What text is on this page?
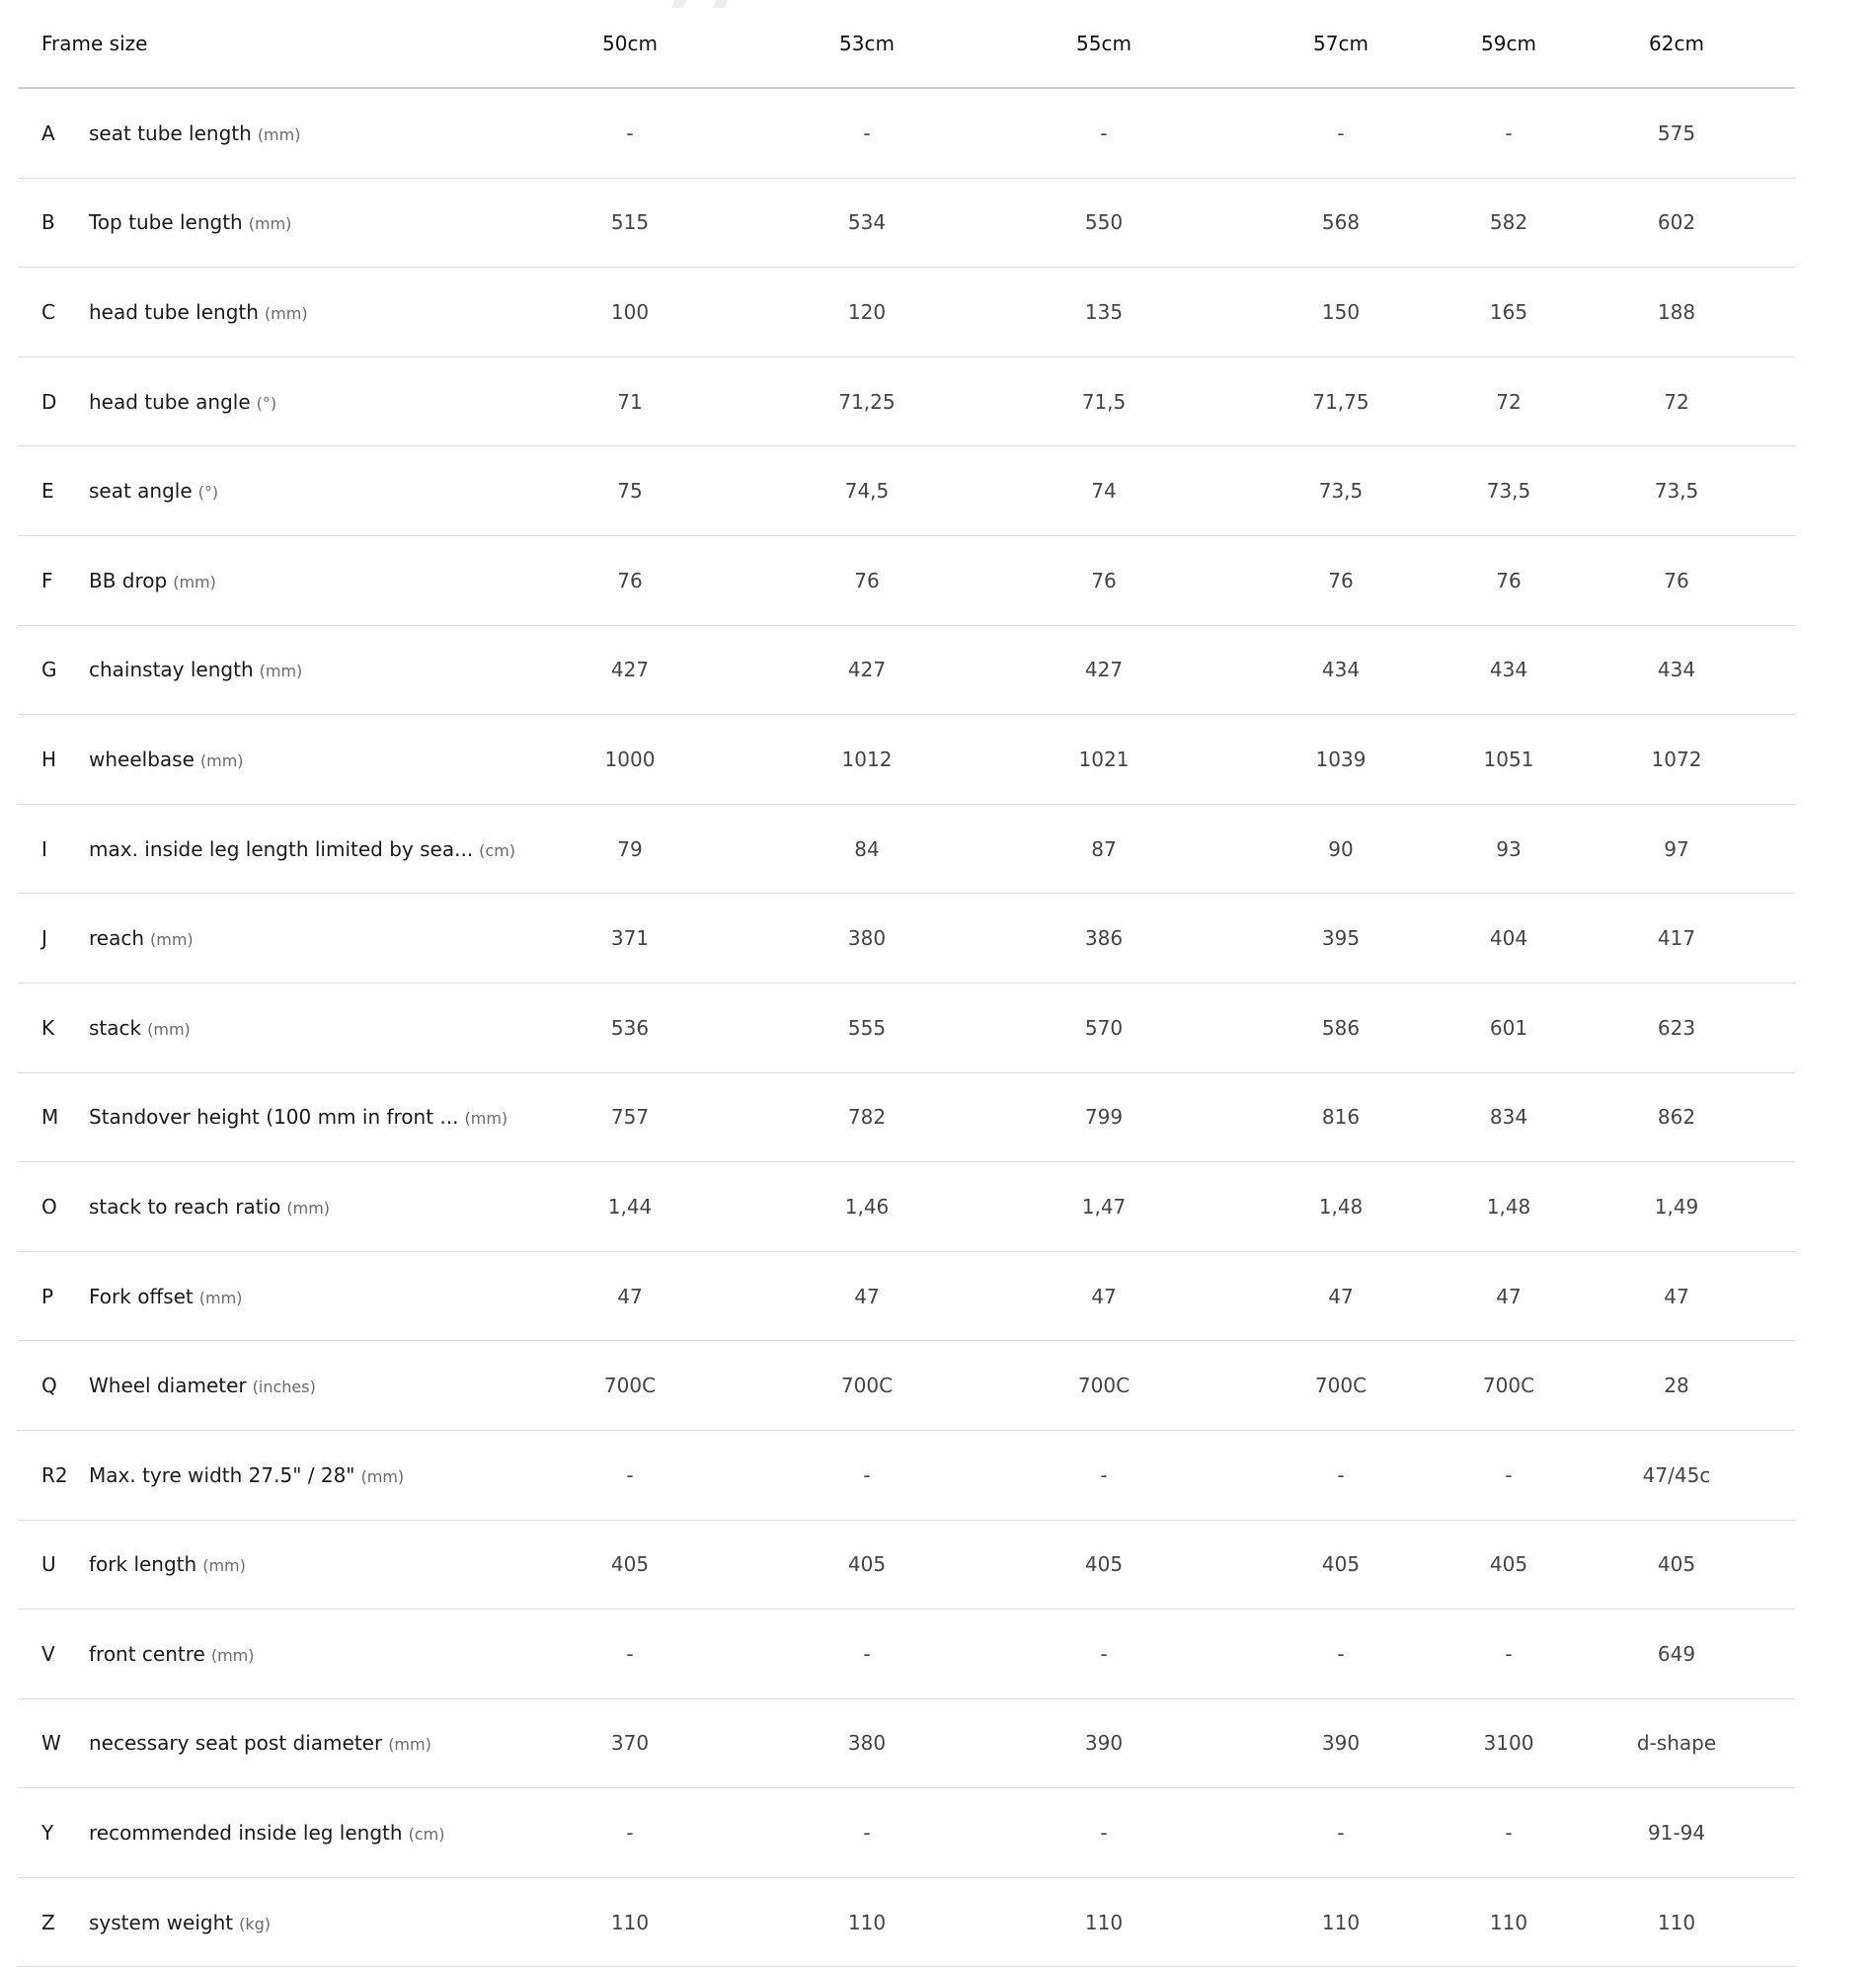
Frame size	50cm	53cm	55cm	57cm	59cm	62cm
A seat tube length (mm)	-	-	-	-	-	575
B Top tube length (mm)	515	534	550	568	582	602
C head tube length (mm)	100	120	135	150	165	188
D head tube angle (°)	71	71,25	71,5	71,75	72	72
E seat angle (°)	75	74,5	74	73,5	73,5	73,5
F BB drop (mm)	76	76	76	76	76	76
G chainstay length (mm)	427	427	427	434	434	434
H wheelbase (mm)	1000	1012	1021	1039	1051	1072
I max. inside leg length limited by sea... (cm)	79	84	87	90	93	97
J reach (mm)	371	380	386	395	404	417
K stack (mm)	536	555	570	586	601	623
M Standover height (100 mm in front ... (mm)	757	782	799	816	834	862
O stack to reach ratio (mm)	1,44	1,46	1,47	1,48	1,48	1,49
P Fork offset (mm)	47	47	47	47	47	47
Q Wheel diameter (inches)	700C	700C	700C	700C	700C	28
R2 Max. tyre width 27.5" / 28" (mm)	-	-	-	-	-	47/45c
U fork length (mm)	405	405	405	405	405	405
V front centre (mm)	-	-	-	-	-	649
W necessary seat post diameter (mm)	370	380	390	390	3100	d-shape
Y recommended inside leg length (cm)	-	-	-	-	-	91-94
Z system weight (kg)	110	110	110	110	110	110
